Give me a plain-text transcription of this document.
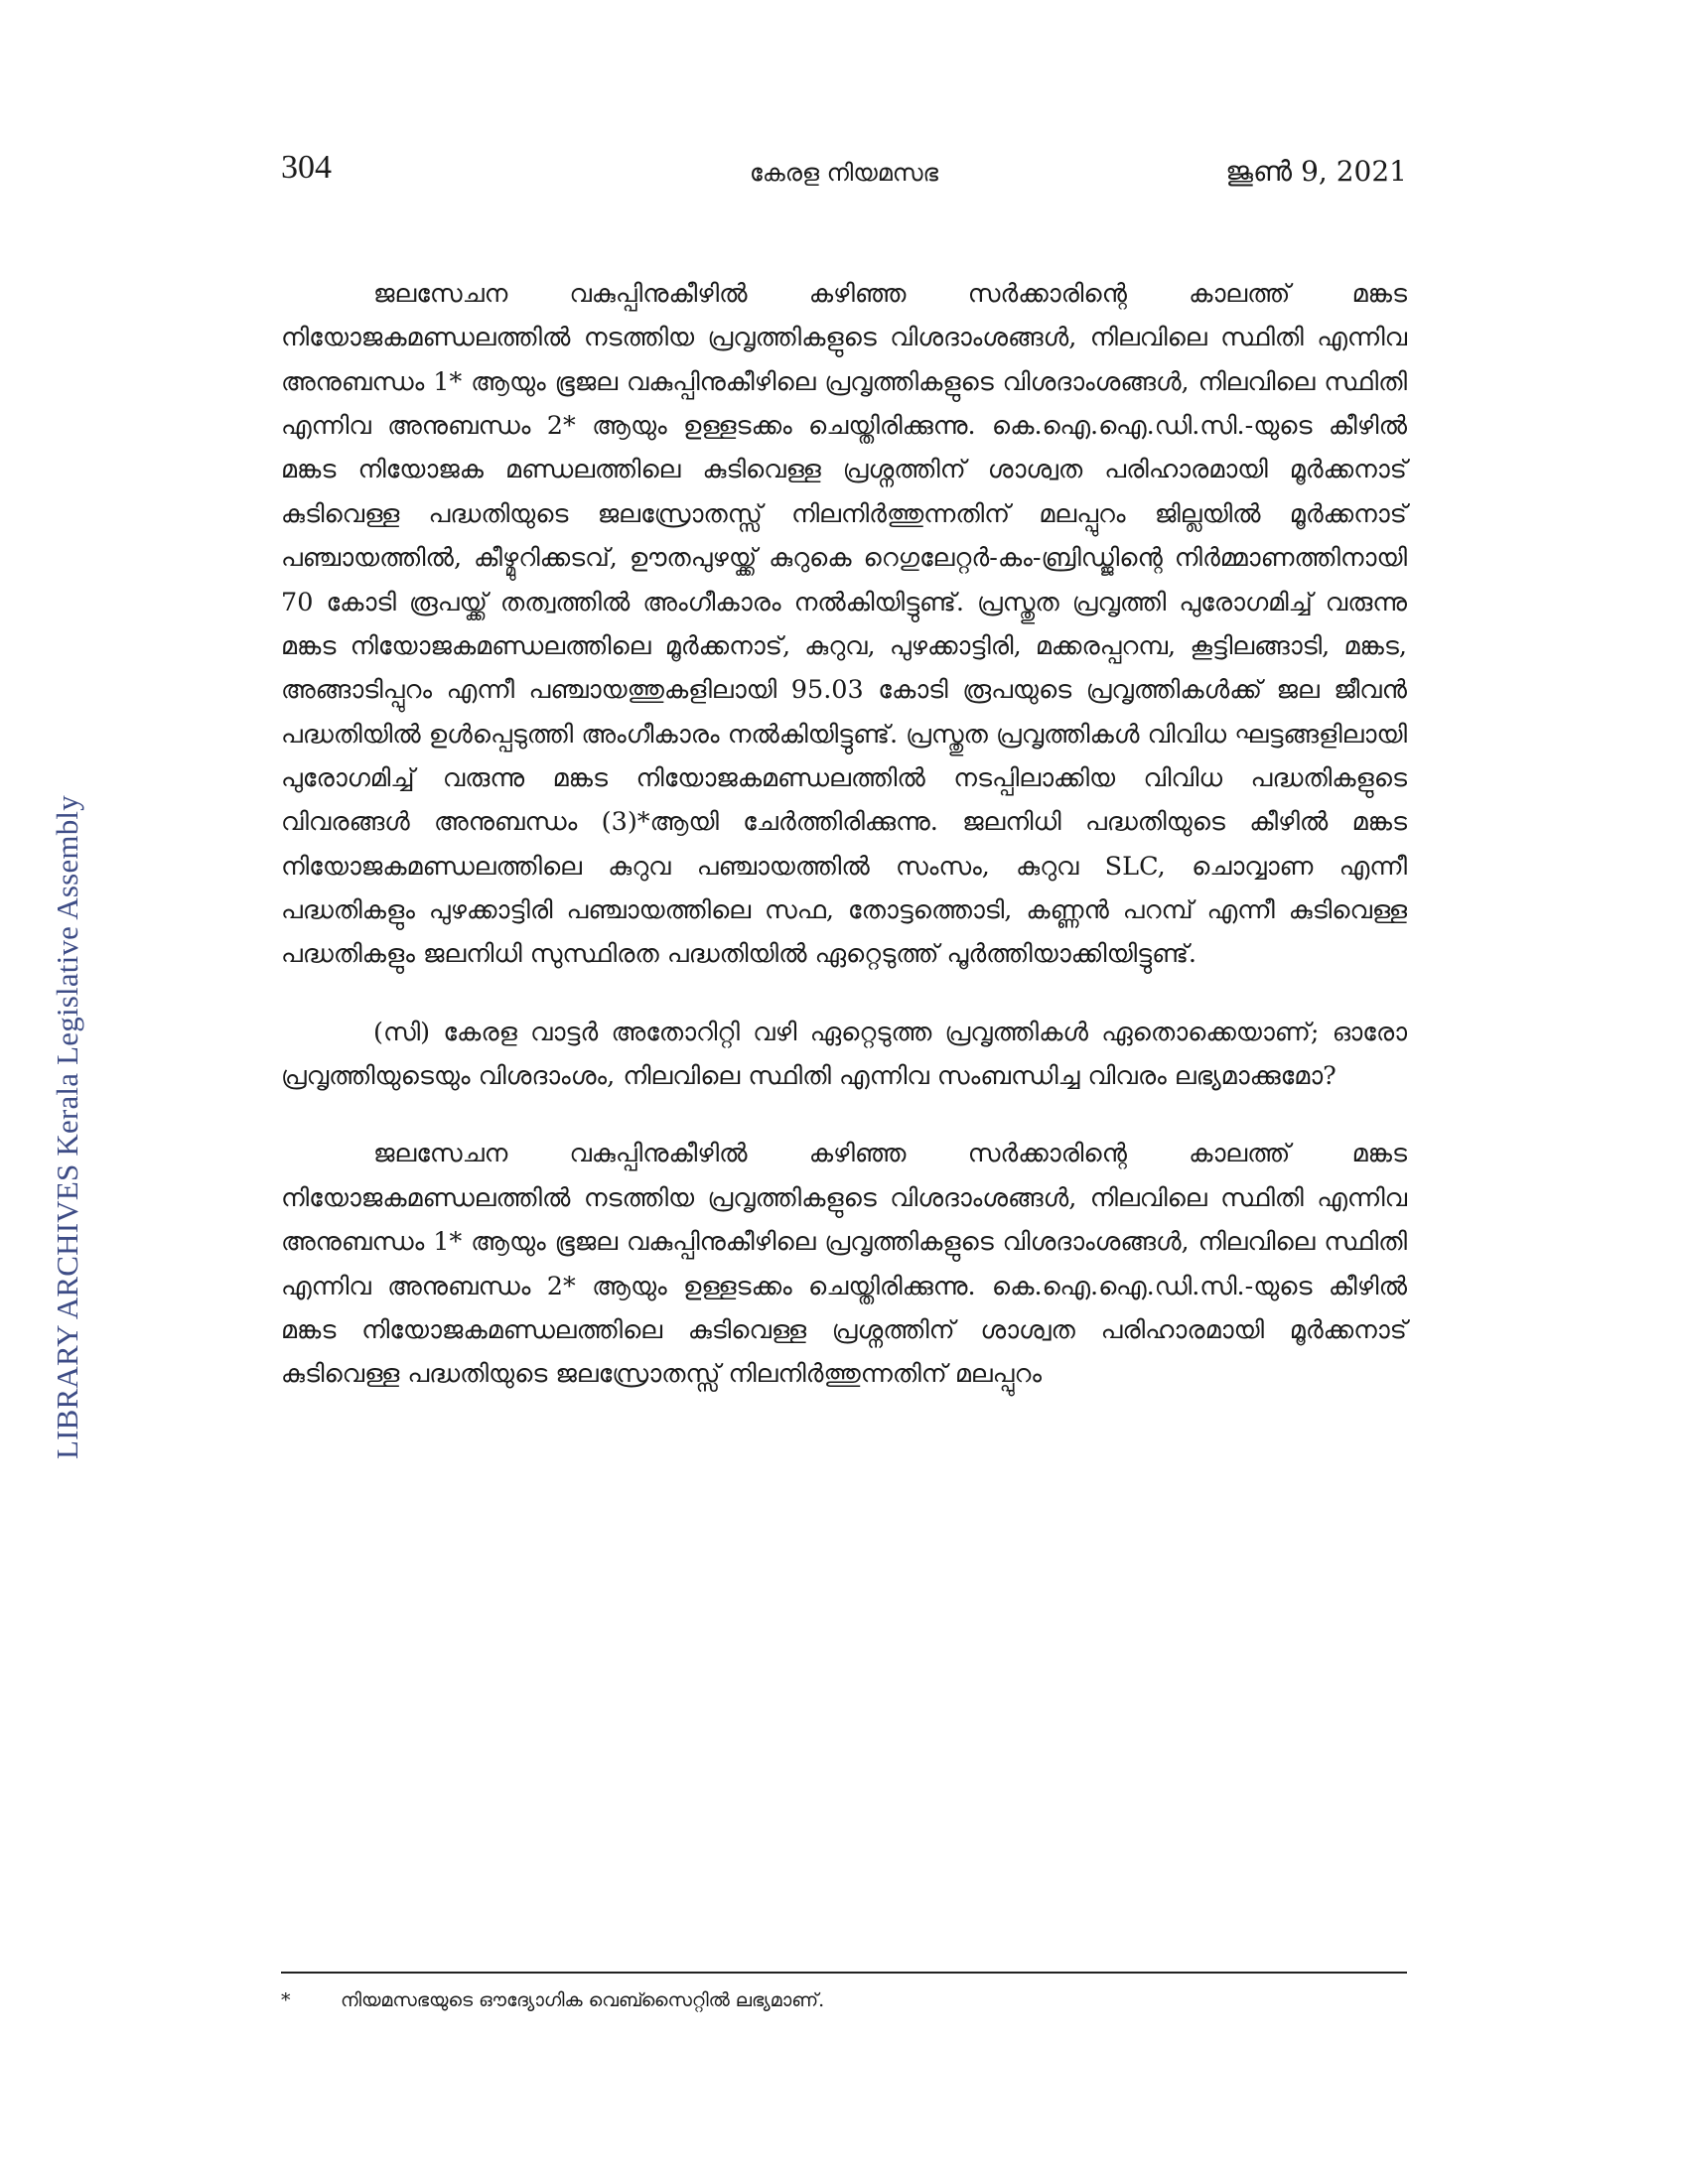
LIBRARY ARCHIVES Kerala Legislative Assembly
304	കേരള നിയമസഭ	ജൂൺ 9, 2021

ജലസേചന വകുപ്പിനുകീഴിൽ കഴിഞ്ഞ സർക്കാരിന്റെ കാലത്ത് മങ്കട നിയോജകമണ്ഡലത്തിൽ നടത്തിയ പ്രവൃത്തികളുടെ വിശദാംശങ്ങൾ, നിലവിലെ സ്ഥിതി എന്നിവ അനുബന്ധം 1* ആയും ഭൂജല വകുപ്പിനുകീഴിലെ പ്രവൃത്തികളുടെ വിശദാംശങ്ങൾ, നിലവിലെ സ്ഥിതി എന്നിവ അനുബന്ധം 2* ആയും ഉള്ളടക്കം ചെയ്തിരിക്കുന്നു. കെ.ഐ.ഐ.ഡി.സി.-യുടെ കീഴിൽ മങ്കട നിയോജക മണ്ഡലത്തിലെ കുടിവെള്ള പ്രശ്നത്തിന് ശാശ്വത പരിഹാരമായി മൂർക്കനാട് കുടിവെള്ള പദ്ധതിയുടെ ജലസ്രോതസ്സ് നിലനിർത്തുന്നതിന് മലപ്പുറം ജില്ലയിൽ മൂർക്കനാട് പഞ്ചായത്തിൽ, കീഴ്മുറിക്കടവ്, ഊതപുഴയ്ക്ക് കുറുകെ റെഗുലേറ്റർ-കം-ബ്രിഡ്ജിന്റെ നിർമ്മാണത്തിനായി 70 കോടി രൂപയ്ക്ക് തത്വത്തിൽ അംഗീകാരം നൽകിയിട്ടുണ്ട്. പ്രസ്തുത പ്രവൃത്തി പുരോഗമിച്ച് വരുന്നു മങ്കട നിയോജകമണ്ഡലത്തിലെ മൂർക്കനാട്, കുറുവ, പുഴക്കാട്ടിരി, മക്കരപ്പറമ്പ, കൂട്ടിലങ്ങാടി, മങ്കട, അങ്ങാടിപ്പുറം എന്നീ പഞ്ചായത്തുകളിലായി 95.03 കോടി രൂപയുടെ പ്രവൃത്തികൾക്ക് ജല ജീവൻ പദ്ധതിയിൽ ഉൾപ്പെടുത്തി അംഗീകാരം നൽകിയിട്ടുണ്ട്. പ്രസ്തുത പ്രവൃത്തികൾ വിവിധ ഘട്ടങ്ങളിലായി പുരോഗമിച്ച് വരുന്നു മങ്കട നിയോജകമണ്ഡലത്തിൽ നടപ്പിലാക്കിയ വിവിധ പദ്ധതികളുടെ വിവരങ്ങൾ അനുബന്ധം (3)*ആയി ചേർത്തിരിക്കുന്നു. ജലനിധി പദ്ധതിയുടെ കീഴിൽ മങ്കട നിയോജകമണ്ഡലത്തിലെ കുറുവ പഞ്ചായത്തിൽ സംസം, കുറുവ SLC, ചൊവ്വാണ എന്നീ പദ്ധതികളും പുഴക്കാട്ടിരി പഞ്ചായത്തിലെ സഫ, തോട്ടത്തൊടി, കണ്ണൻ പറമ്പ് എന്നീ കുടിവെള്ള പദ്ധതികളും ജലനിധി സുസ്ഥിരത പദ്ധതിയിൽ ഏറ്റെടുത്ത് പൂർത്തിയാക്കിയിട്ടുണ്ട്.

(സി) കേരള വാട്ടർ അതോറിറ്റി വഴി ഏറ്റെടുത്ത പ്രവൃത്തികൾ ഏതൊക്കെയാണ്; ഓരോ പ്രവൃത്തിയുടെയും വിശദാംശം, നിലവിലെ സ്ഥിതി എന്നിവ സംബന്ധിച്ച വിവരം ലഭ്യമാക്കുമോ?

ജലസേചന വകുപ്പിനുകീഴിൽ കഴിഞ്ഞ സർക്കാരിന്റെ കാലത്ത് മങ്കട നിയോജകമണ്ഡലത്തിൽ നടത്തിയ പ്രവൃത്തികളുടെ വിശദാംശങ്ങൾ, നിലവിലെ സ്ഥിതി എന്നിവ അനുബന്ധം 1* ആയും ഭൂജല വകുപ്പിനുകീഴിലെ പ്രവൃത്തികളുടെ വിശദാംശങ്ങൾ, നിലവിലെ സ്ഥിതി എന്നിവ അനുബന്ധം 2* ആയും ഉള്ളടക്കം ചെയ്തിരിക്കുന്നു. കെ.ഐ.ഐ.ഡി.സി.-യുടെ കീഴിൽ മങ്കട നിയോജകമണ്ഡലത്തിലെ കുടിവെള്ള പ്രശ്നത്തിന് ശാശ്വത പരിഹാരമായി മൂർക്കനാട് കുടിവെള്ള പദ്ധതിയുടെ ജലസ്രോതസ്സ് നിലനിർത്തുന്നതിന് മലപ്പുറം

*	നിയമസഭയുടെ ഔദ്യോഗിക വെബ്സൈറ്റിൽ ലഭ്യമാണ്.
